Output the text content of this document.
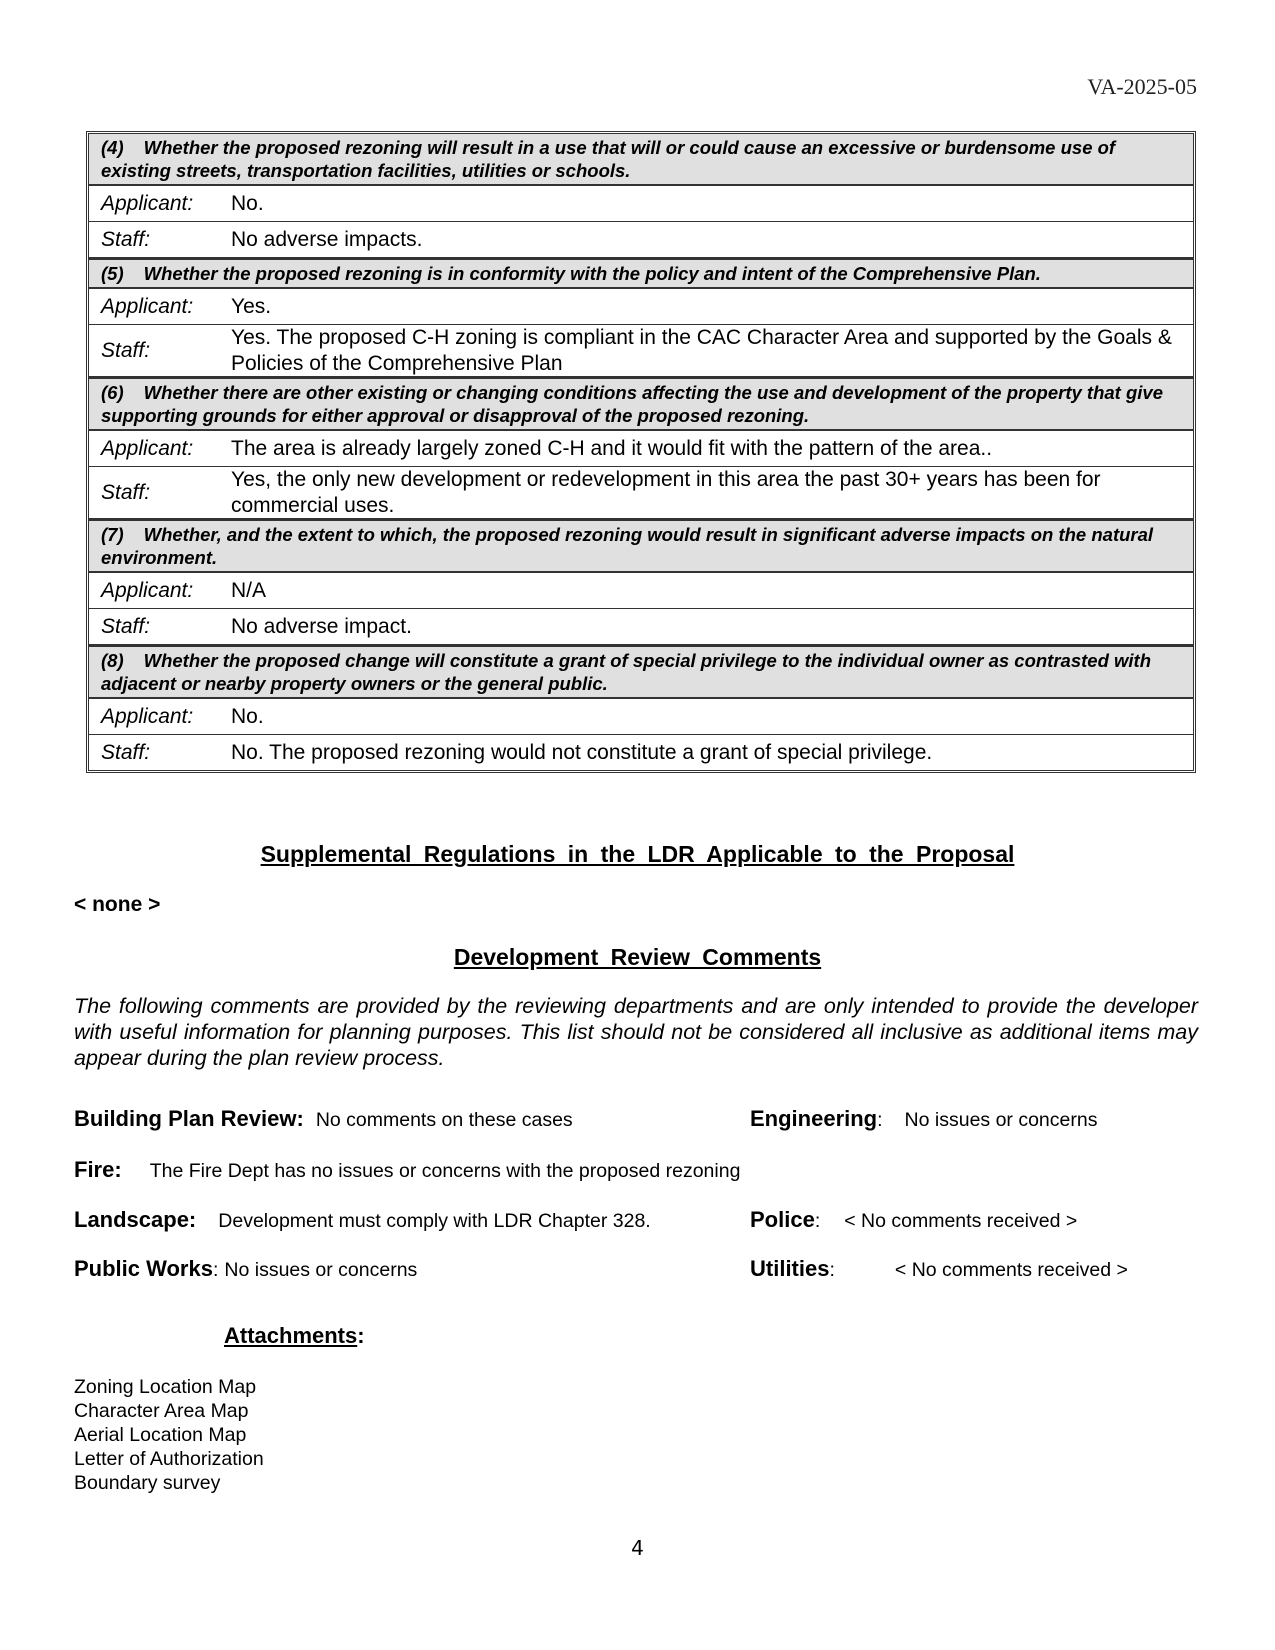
VA-2025-05
(4) Whether the proposed rezoning will result in a use that will or could cause an excessive or burdensome use of existing streets, transportation facilities, utilities or schools.
Applicant:	No.
Staff:	No adverse impacts.
(5) Whether the proposed rezoning is in conformity with the policy and intent of the Comprehensive Plan.
Applicant:	Yes.
Staff:
Yes. The proposed C-H zoning is compliant in the CAC Character Area and supported by the Goals & Policies of the Comprehensive Plan
(6) Whether there are other existing or changing conditions affecting the use and development of the property that give supporting grounds for either approval or disapproval of the proposed rezoning.
Applicant:	The area is already largely zoned C-H and it would fit with the pattern of the area..
Staff:
Yes, the only new development or redevelopment in this area the past 30+ years has been for commercial uses.
(7) Whether, and the extent to which, the proposed rezoning would result in significant adverse impacts on the natural environment.
Applicant:	N/A
Staff:	No adverse impact.
(8) Whether the proposed change will constitute a grant of special privilege to the individual owner as contrasted with adjacent or nearby property owners or the general public.
Applicant:	No.
Staff:	No. The proposed rezoning would not constitute a grant of special privilege.
Supplemental Regulations in the LDR Applicable to the Proposal
< none >
Development Review Comments
The following comments are provided by the reviewing departments and are only intended to provide the developer with useful information for planning purposes. This list should not be considered all inclusive as additional items may appear during the plan review process.
Building Plan Review: No comments on these cases	Engineering: No issues or concerns
Fire: The Fire Dept has no issues or concerns with the proposed rezoning
Landscape: Development must comply with LDR Chapter 328.	Police: < No comments received >
Public Works: No issues or concerns	Utilities:	< No comments received >
Attachments:
Zoning Location Map
Character Area Map
Aerial Location Map
Letter of Authorization
Boundary survey
4
